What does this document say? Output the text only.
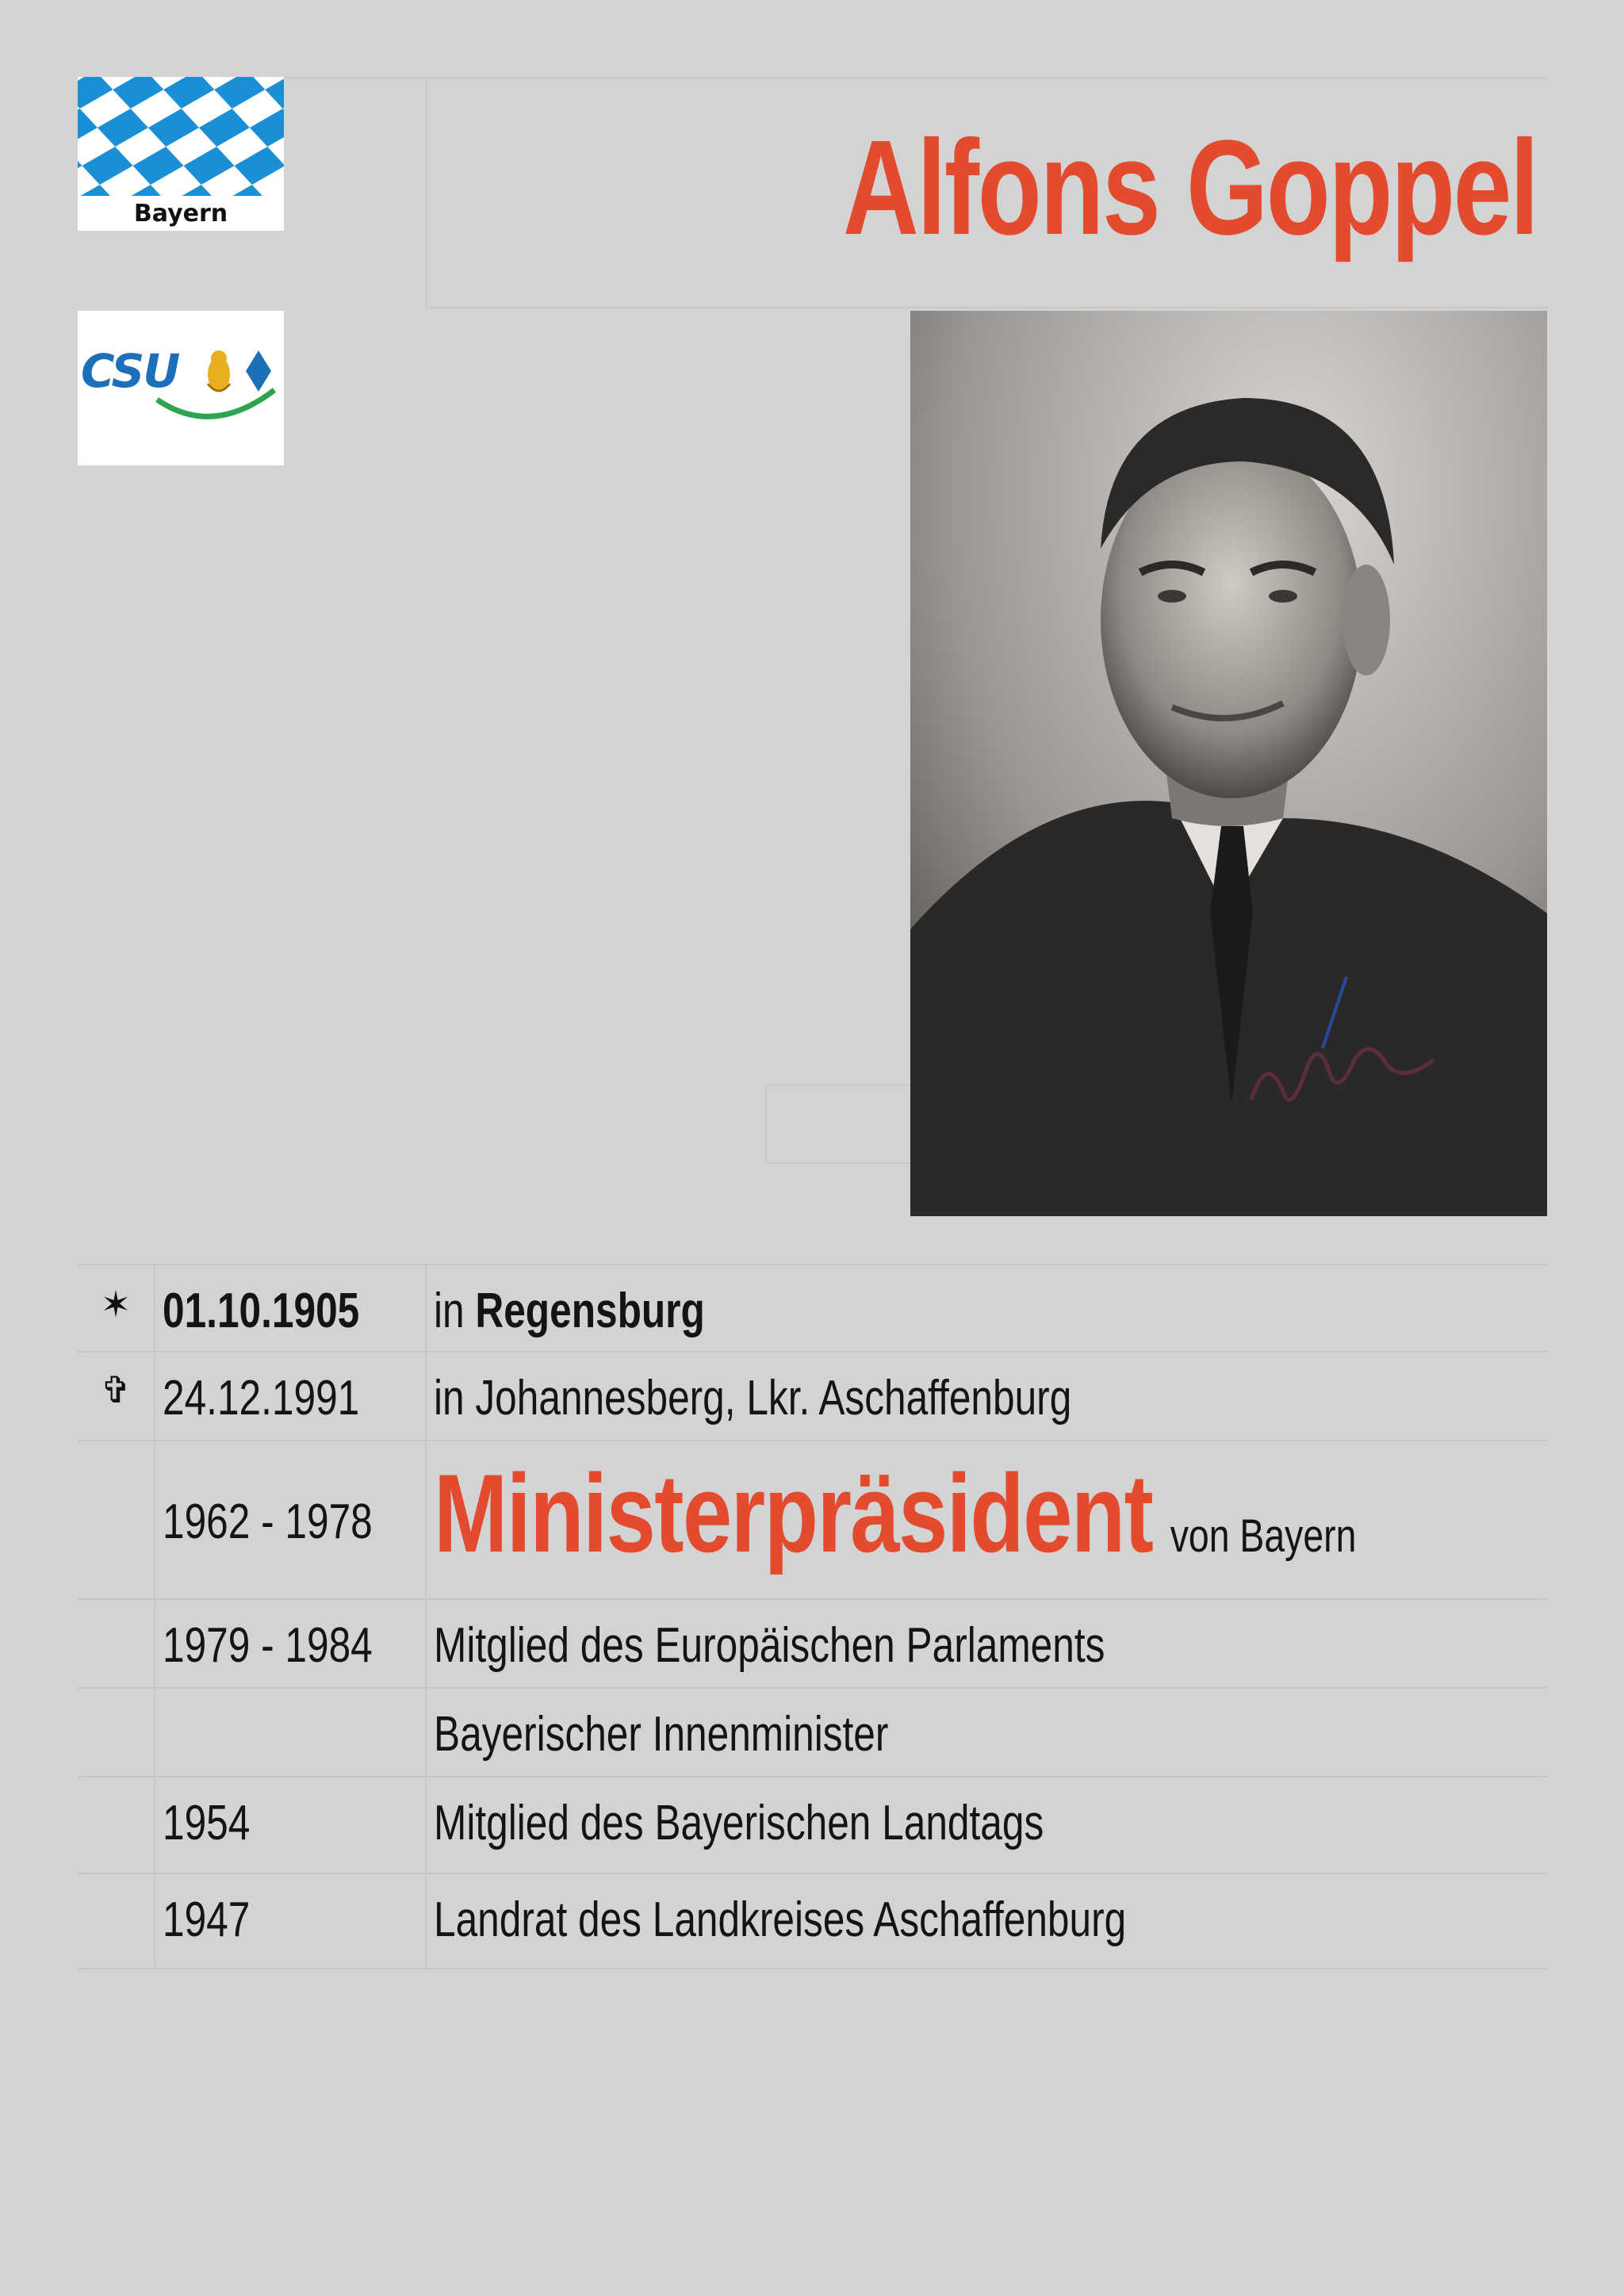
Bayern
CSU
Alfons Goppel
✶ 01.10.1905 in Regensburg
✞ 24.12.1991 in Johannesberg, Lkr. Aschaffenburg
1962 - 1978 Ministerpräsident von Bayern
1979 - 1984 Mitglied des Europäischen Parlaments
Bayerischer Innenminister
1954	Mitglied des Bayerischen Landtags
1947	Landrat des Landkreises Aschaffenburg
